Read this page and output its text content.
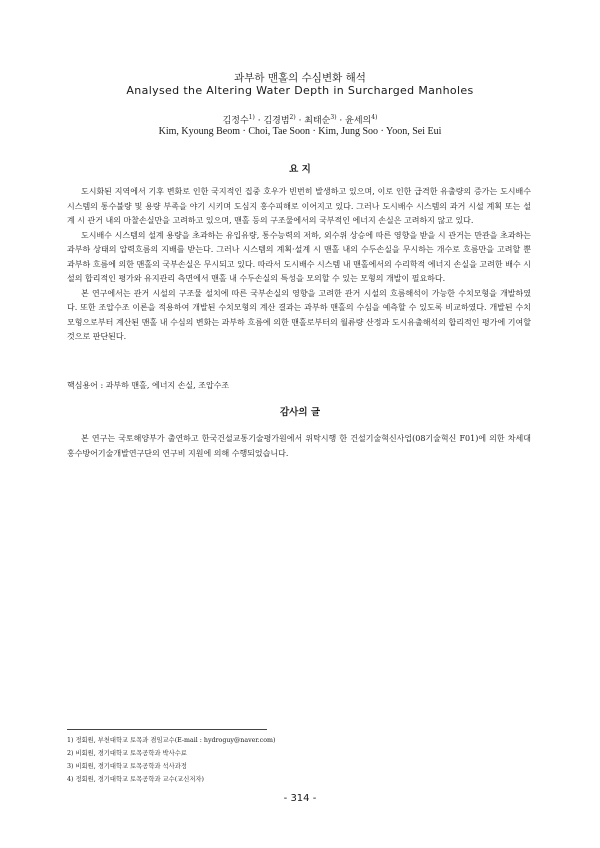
과부하 맨홀의 수심변화 해석
Analysed the Altering Water Depth in Surcharged Manholes
김정수$^{1)}$ · 김경범$^{2)}$ · 최태순$^{3)}$ · 윤세의$^{4)}$
Kim, Kyoung Beom · Choi, Tae Soon · Kim, Jung Soo · Yoon, Sei Eui
요 지

도시화된 지역에서 기후 변화로 인한 국지적인 집중 호우가 빈번히 발생하고 있으며, 이로 인한 급격한 유출량의 증가는 도시배수 시스템의 통수불량 및 용량 부족을 야기 시키며 도심지 홍수피해로 이어지고 있다. 그러나 도시배수 시스템의 과거 시설 계획 또는 설계 시 관거 내의 마찰손실만을 고려하고 있으며, 맨홀 등의 구조물에서의 국부적인 에너지 손실은 고려하지 않고 있다.

도시배수 시스템의 설계 용량을 초과하는 유입유량, 통수능력의 저하, 외수위 상승에 따른 영향을 받을 시 관거는 만관을 초과하는 과부하 상태의 압력흐름의 지배를 받는다. 그러나 시스템의 계획·설계 시 맨홀 내의 수두손실을 무시하는 개수로 흐름만을 고려할 뿐 과부하 흐름에 의한 맨홀의 국부손실은 무시되고 있다. 따라서 도시배수 시스템 내 맨홀에서의 수리학적 에너지 손실을 고려한 배수 시설의 합리적인 평가와 유지관리 측면에서 맨홀 내 수두손실의 특성을 모의할 수 있는 모형의 개발이 필요하다.

본 연구에서는 관거 시설의 구조물 설치에 따른 국부손실의 영향을 고려한 관거 시설의 흐름해석이 가능한 수치모형을 개발하였다. 또한 조압수조 이론을 적용하여 개발된 수치모형의 계산 결과는 과부하 맨홀의 수심을 예측할 수 있도록 비교하였다. 개발된 수치모형으로부터 계산된 맨홀 내 수심의 변화는 과부하 흐름에 의한 맨홀로부터의 월류량 산정과 도시유출해석의 합리적인 평가에 기여할 것으로 판단된다.

핵심용어 : 과부하 맨홀, 에너지 손실, 조압수조
감사의 글
본 연구는 국토해양부가 출연하고 한국건설교통기술평가원에서 위탁시행 한 건설기술혁신사업(08기술혁신 F01)에 의한 차세대홍수방어기술개발연구단의 연구비 지원에 의해 수행되었습니다.
1) 정회원, 부천대학교 토목과 겸임교수(E-mail : hydroguy@naver.com)
2) 비회원, 경기대학교 토목공학과 박사수료
3) 비회원, 경기대학교 토목공학과 석사과정
4) 정회원, 경기대학교 토목공학과 교수(교신저자)
- 314 -
